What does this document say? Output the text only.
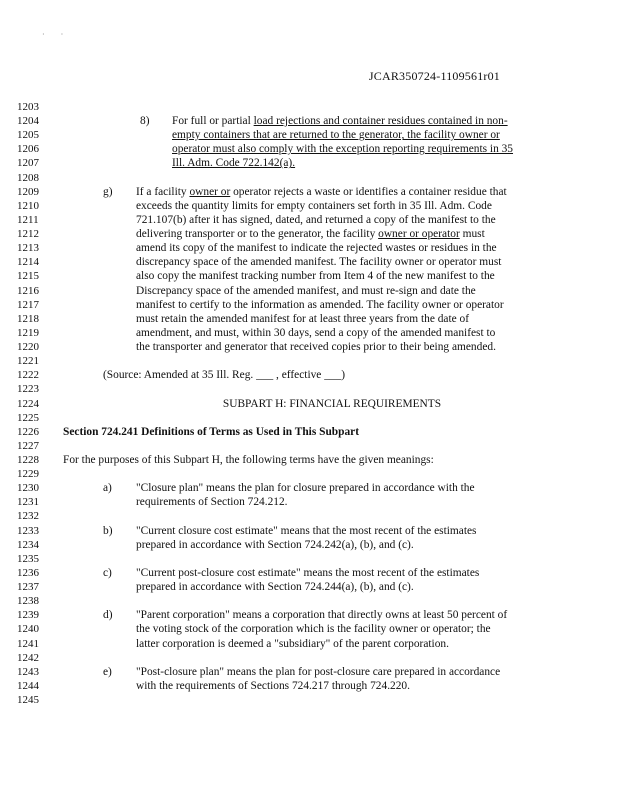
·        ·
JCAR350724-1109561r01
1203
1204	8) For full or partial load rejections and container residues contained in non-
1205	empty containers that are returned to the generator, the facility owner or
1206	operator must also comply with the exception reporting requirements in 35
1207	Ill. Adm. Code 722.142(a).
1208
1209	g) If a facility owner or operator rejects a waste or identifies a container residue that
1210	exceeds the quantity limits for empty containers set forth in 35 Ill. Adm. Code
1211	721.107(b) after it has signed, dated, and returned a copy of the manifest to the
1212	delivering transporter or to the generator, the facility owner or operator must
1213	amend its copy of the manifest to indicate the rejected wastes or residues in the
1214	discrepancy space of the amended manifest. The facility owner or operator must
1215	also copy the manifest tracking number from Item 4 of the new manifest to the
1216	Discrepancy space of the amended manifest, and must re-sign and date the
1217	manifest to certify to the information as amended. The facility owner or operator
1218	must retain the amended manifest for at least three years from the date of
1219	amendment, and must, within 30 days, send a copy of the amended manifest to
1220	the transporter and generator that received copies prior to their being amended.
1221
1222	(Source: Amended at 35 Ill. Reg. ___ , effective ___)
1223
1224	SUBPART H: FINANCIAL REQUIREMENTS
1225
1226	Section 724.241 Definitions of Terms as Used in This Subpart
1227
1228	For the purposes of this Subpart H, the following terms have the given meanings:
1229
1230	a) "Closure plan" means the plan for closure prepared in accordance with the
1231	requirements of Section 724.212.
1232
1233	b) "Current closure cost estimate" means that the most recent of the estimates
1234	prepared in accordance with Section 724.242(a), (b), and (c).
1235
1236	c) "Current post-closure cost estimate" means the most recent of the estimates
1237	prepared in accordance with Section 724.244(a), (b), and (c).
1238
1239	d) "Parent corporation" means a corporation that directly owns at least 50 percent of
1240	the voting stock of the corporation which is the facility owner or operator; the
1241	latter corporation is deemed a "subsidiary" of the parent corporation.
1242
1243	e) "Post-closure plan" means the plan for post-closure care prepared in accordance
1244	with the requirements of Sections 724.217 through 724.220.
1245
